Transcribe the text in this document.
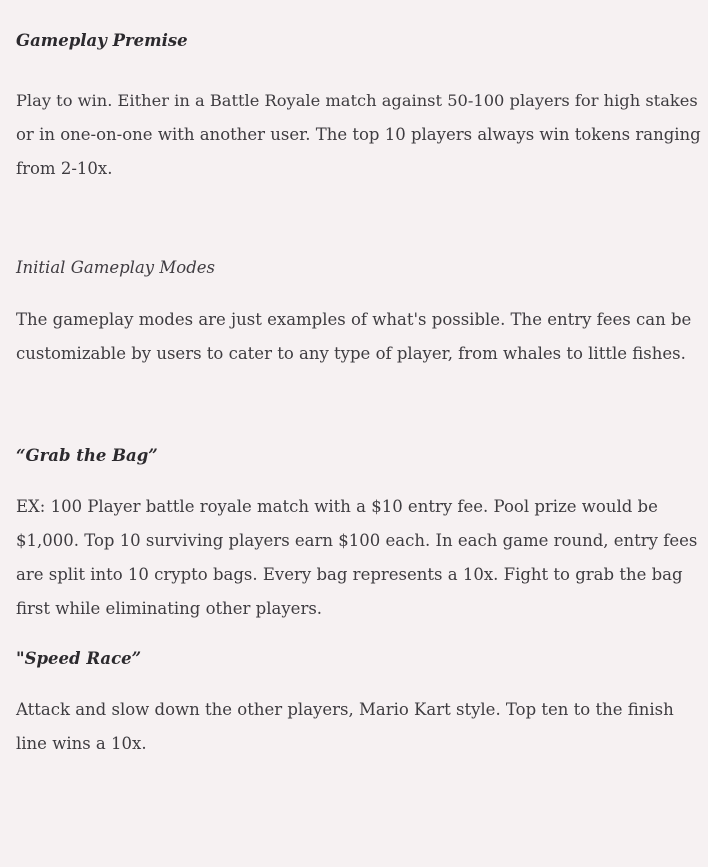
Gameplay Premise
Play to win. Either in a Battle Royale match against 50-100 players for high stakes
or in one-on-one with another user. The top 10 players always win tokens ranging
from 2-10x.
Initial Gameplay Modes
The gameplay modes are just examples of what's possible. The entry fees can be
customizable by users to cater to any type of player, from whales to little fishes.
“Grab the Bag”
EX: 100 Player battle royale match with a $10 entry fee. Pool prize would be
$1,000. Top 10 surviving players earn $100 each. In each game round, entry fees
are split into 10 crypto bags. Every bag represents a 10x. Fight to grab the bag
first while eliminating other players.
"Speed Race”
Attack and slow down the other players, Mario Kart style. Top ten to the finish
line wins a 10x.
